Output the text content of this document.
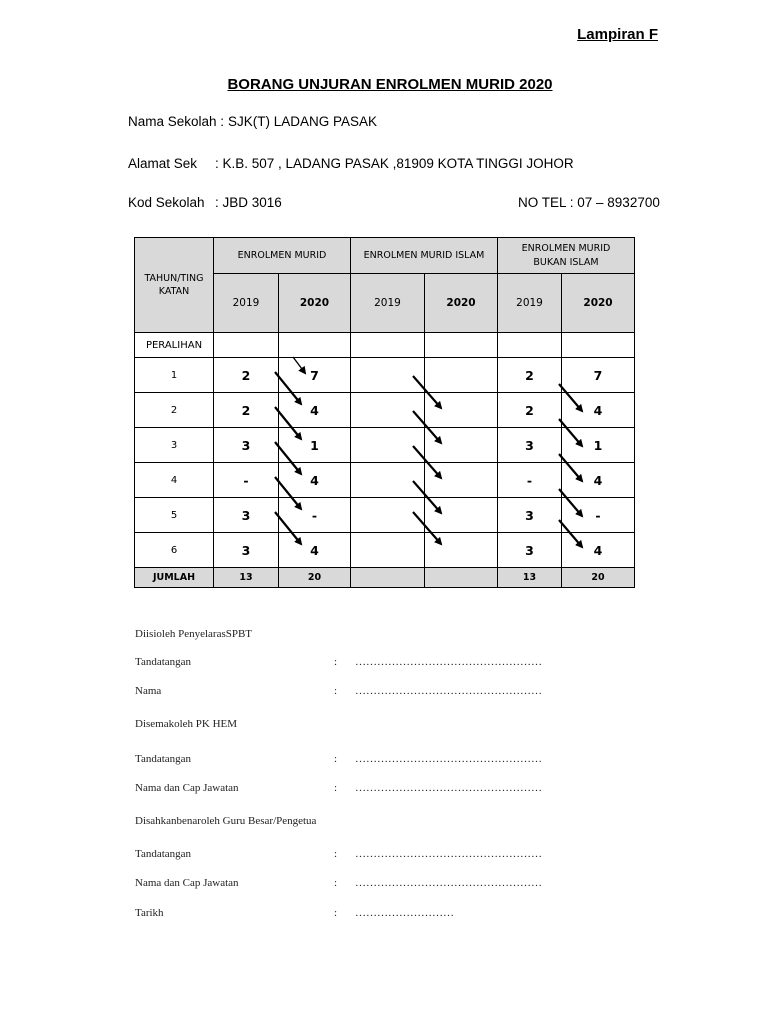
Lampiran F
BORANG UNJURAN ENROLMEN MURID 2020
Nama Sekolah : SJK(T) LADANG PASAK
Alamat Sek : K.B. 507 , LADANG PASAK ,81909 KOTA TINGGI JOHOR
Kod Sekolah : JBD 3016	NO TEL : 07 – 8932700
TAHUN/TING KATAN	ENROLMEN MURID		ENROLMEN MURID ISLAM		ENROLMEN MURID BUKAN ISLAM	

	2019	2020	2019	2020	2019	2020
PERALIHAN						
1	2	7			2	7
2	2	4			2	4
3	3	1			3	1
4	-	4			-	4
5	3	-			3	-
6	3	4			3	4
JUMLAH	13	20			13	20
Diisioleh PenyelarasSPBT
Tandatangan	: ……………………………………………
Nama	: ……………………………………………
Disemakoleh PK HEM
Tandatangan	: ……………………………………………
Nama dan Cap Jawatan	: ……………………………………………
Disahkanbenaroleh Guru Besar/Pengetua
Tandatangan	: ……………………………………………
Nama dan Cap Jawatan	: ……………………………………………
Tarikh	: ………………………
